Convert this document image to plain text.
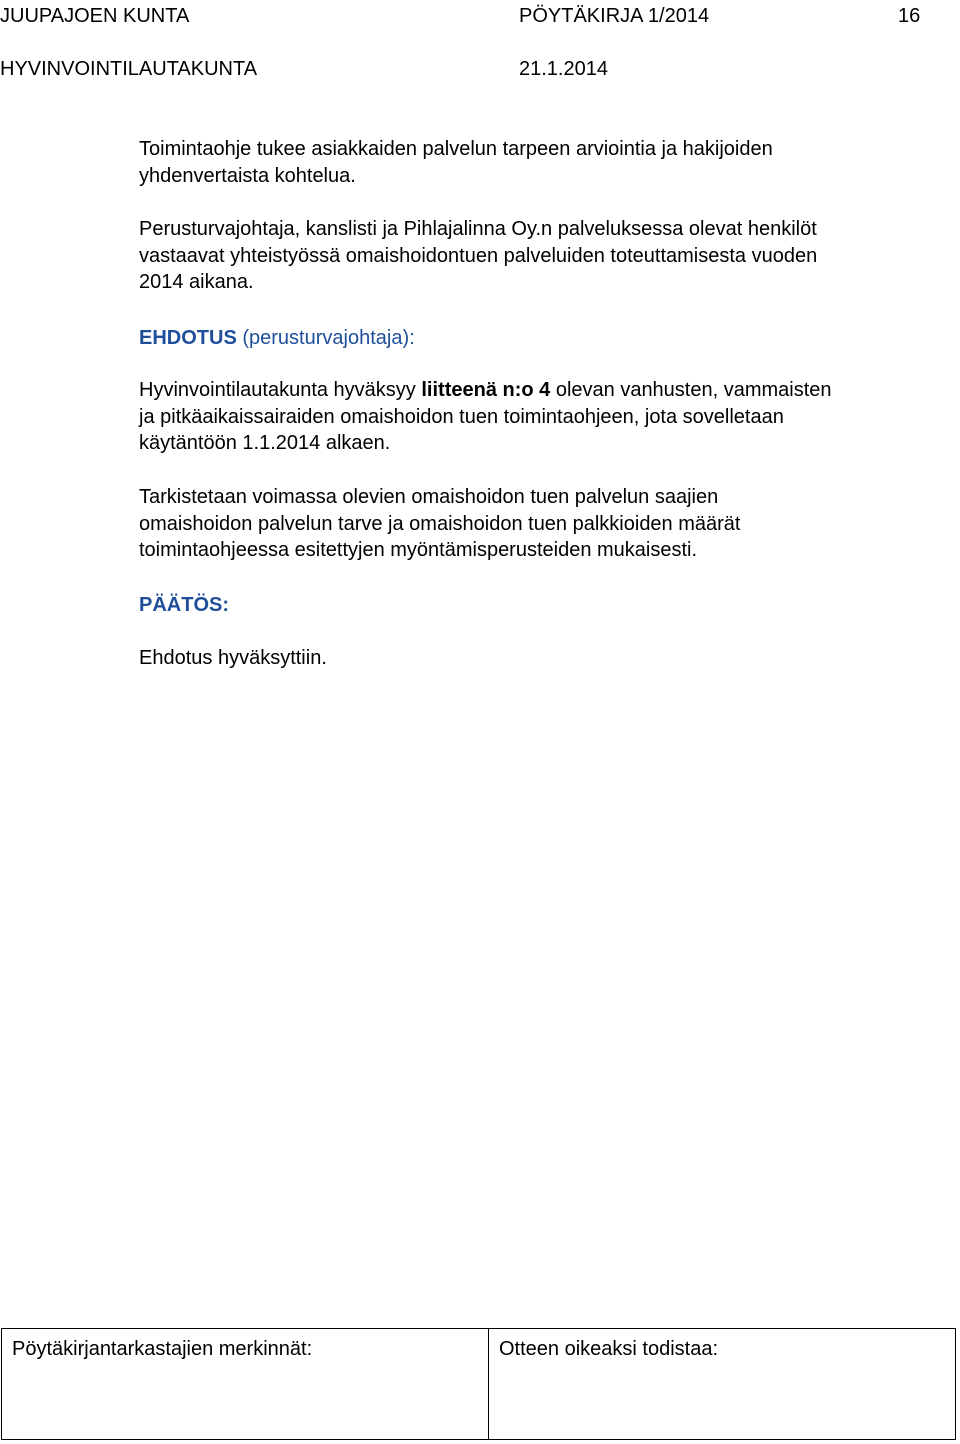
JUUPAJOEN KUNTA	PÖYTÄKIRJA 1/2014	16
HYVINVOINTILAUTAKUNTA	21.1.2014
Toimintaohje tukee asiakkaiden palvelun tarpeen arviointia ja hakijoiden
yhdenvertaista kohtelua.
Perusturvajohtaja, kanslisti ja Pihlajalinna Oy.n palveluksessa olevat henkilöt
vastaavat yhteistyössä omaishoidontuen palveluiden toteuttamisesta vuoden
2014 aikana.
EHDOTUS (perusturvajohtaja):
Hyvinvointilautakunta hyväksyy liitteenä n:o 4 olevan vanhusten, vammaisten
ja pitkäaikaissairaiden omaishoidon tuen toimintaohjeen, jota sovelletaan
käytäntöön 1.1.2014 alkaen.
Tarkistetaan voimassa olevien omaishoidon tuen palvelun saajien
omaishoidon palvelun tarve ja omaishoidon tuen palkkioiden määrät
toimintaohjeessa esitettyjen myöntämisperusteiden mukaisesti.
PÄÄTÖS:
Ehdotus hyväksyttiin.
Pöytäkirjantarkastajien merkinnät:	Otteen oikeaksi todistaa:
